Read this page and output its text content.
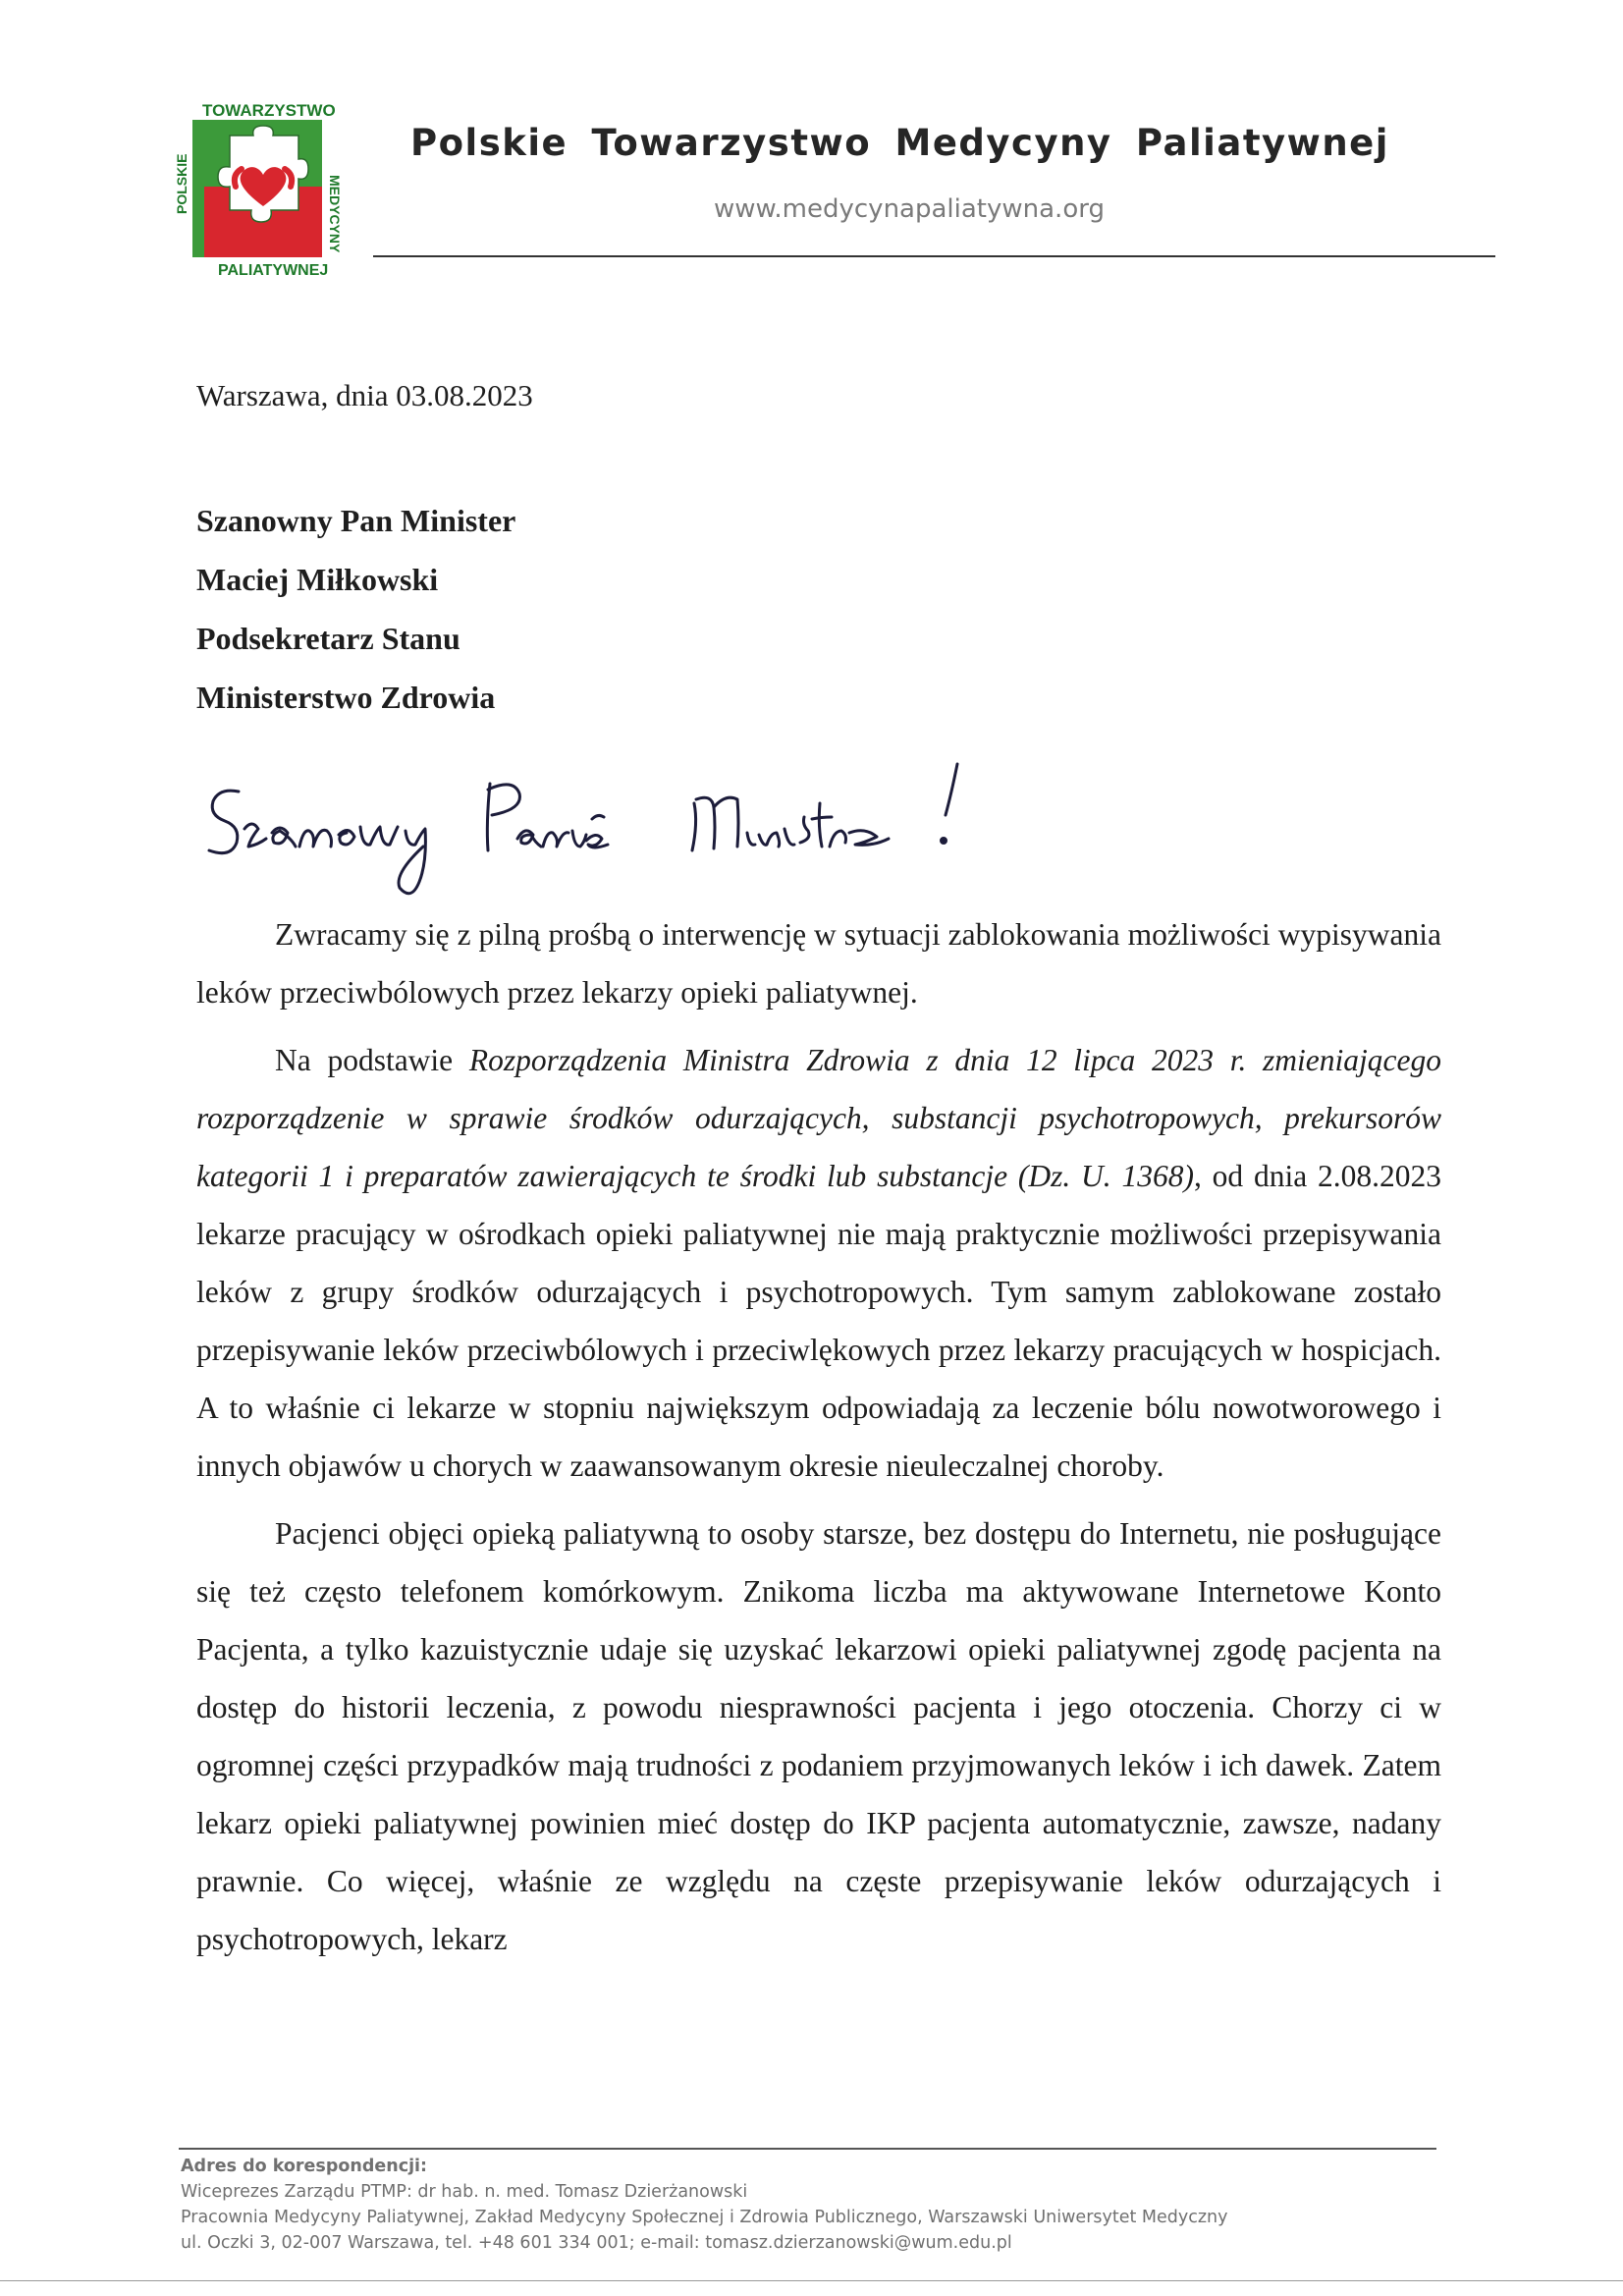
TOWARZYSTWO
POLSKIE	MEDYCYNY
PALIATYWNEJ
Polskie Towarzystwo Medycyny Paliatywnej
www.medycynapaliatywna.org
Warszawa, dnia 03.08.2023
Szanowny Pan Minister
Maciej Miłkowski
Podsekretarz Stanu
Ministerstwo Zdrowia

Zwracamy się z pilną prośbą o interwencję w sytuacji zablokowania możliwości wypisywania leków przeciwbólowych przez lekarzy opieki paliatywnej.

Na podstawie Rozporządzenia Ministra Zdrowia z dnia 12 lipca 2023 r. zmieniającego rozporządzenie w sprawie środków odurzających, substancji psychotropowych, prekursorów kategorii 1 i preparatów zawierających te środki lub substancje (Dz. U. 1368), od dnia 2.08.2023 lekarze pracujący w ośrodkach opieki paliatywnej nie mają praktycznie możliwości przepisywania leków z grupy środków odurzających i psychotropowych. Tym samym zablokowane zostało przepisywanie leków przeciwbólowych i przeciwlękowych przez lekarzy pracujących w hospicjach. A to właśnie ci lekarze w stopniu największym odpowiadają za leczenie bólu nowotworowego i innych objawów u chorych w zaawansowanym okresie nieuleczalnej choroby.

Pacjenci objęci opieką paliatywną to osoby starsze, bez dostępu do Internetu, nie posługujące się też często telefonem komórkowym. Znikoma liczba ma aktywowane Internetowe Konto Pacjenta, a tylko kazuistycznie udaje się uzyskać lekarzowi opieki paliatywnej zgodę pacjenta na dostęp do historii leczenia, z powodu niesprawności pacjenta i jego otoczenia. Chorzy ci w ogromnej części przypadków mają trudności z podaniem przyjmowanych leków i ich dawek. Zatem lekarz opieki paliatywnej powinien mieć dostęp do IKP pacjenta automatycznie, zawsze, nadany prawnie. Co więcej, właśnie ze względu na częste przepisywanie leków odurzających i psychotropowych, lekarz

Adres do korespondencji:
Wiceprezes Zarządu PTMP: dr hab. n. med. Tomasz Dzierżanowski
Pracownia Medycyny Paliatywnej, Zakład Medycyny Społecznej i Zdrowia Publicznego, Warszawski Uniwersytet Medyczny
ul. Oczki 3, 02-007 Warszawa, tel. +48 601 334 001; e-mail: tomasz.dzierzanowski@wum.edu.pl
